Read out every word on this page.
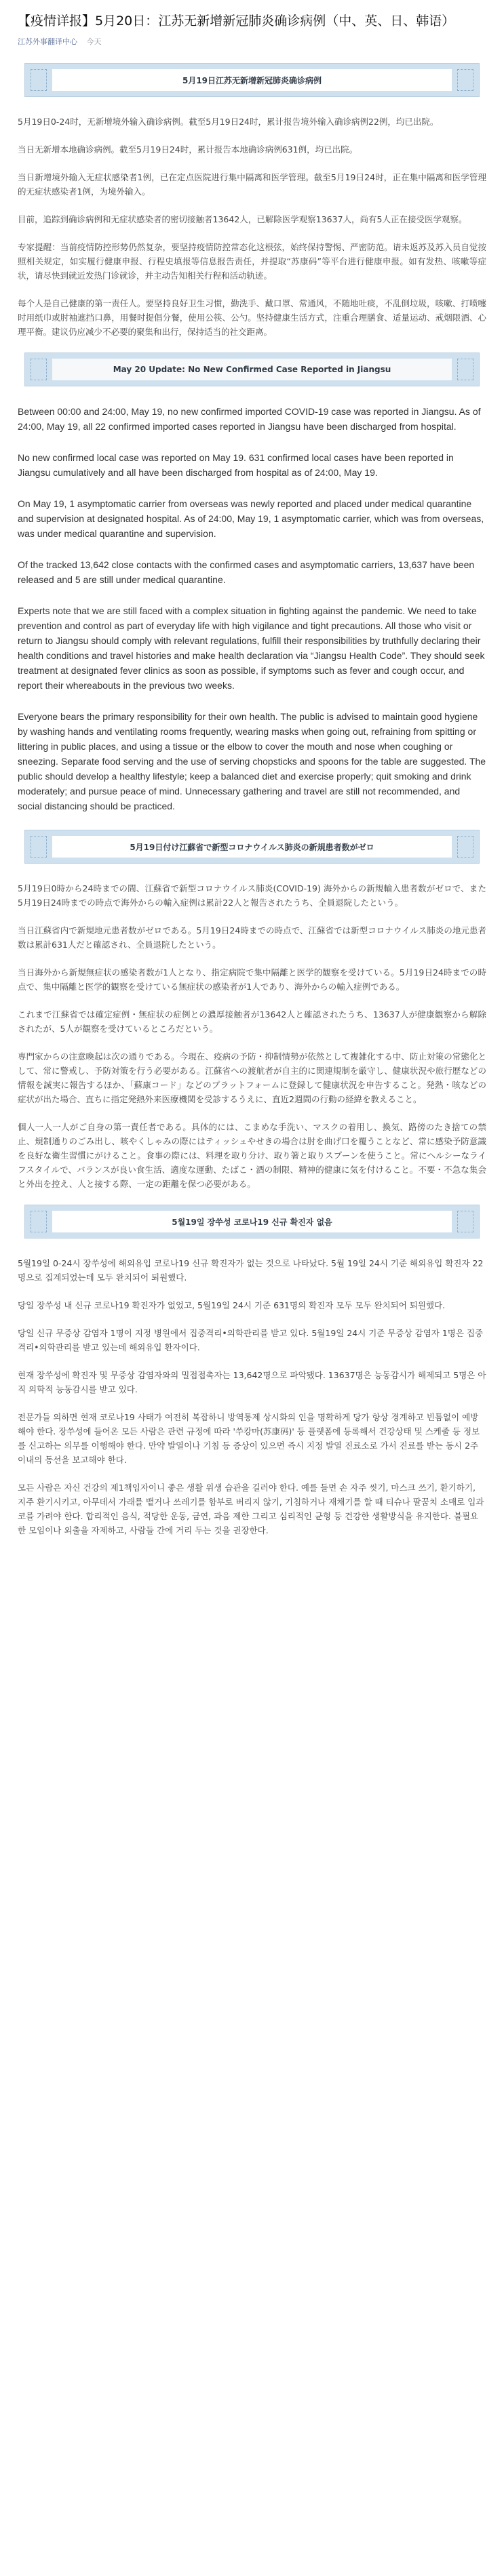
【疫情详报】5月20日：江苏无新增新冠肺炎确诊病例（中、英、日、韩语）
江苏外事翻译中心 今天
5月19日江苏无新增新冠肺炎确诊病例

5月19日0-24时，无新增境外输入确诊病例。截至5月19日24时，累计报告境外输入确诊病例22例，均已出院。

当日无新增本地确诊病例。截至5月19日24时，累计报告本地确诊病例631例，均已出院。

当日新增境外输入无症状感染者1例，已在定点医院进行集中隔离和医学管理。截至5月19日24时，正在集中隔离和医学管理的无症状感染者1例，为境外输入。

目前，追踪到确诊病例和无症状感染者的密切接触者13642人，已解除医学观察13637人，尚有5人正在接受医学观察。

专家提醒：当前疫情防控形势仍然复杂，要坚持疫情防控常态化这根弦，始终保持警惕、严密防范。请未返苏及苏入员自觉按照相关规定，如实履行健康申报、行程史填报等信息报告责任，并提取“苏康码”等平台进行健康申报。如有发热、咳嗽等症状，请尽快到就近发热门诊就诊，并主动告知相关行程和活动轨迹。

每个人是自己健康的第一责任人。要坚持良好卫生习惯，勤洗手、戴口罩、常通风，不随地吐痰，不乱倒垃圾，咳嗽、打喷嚏时用纸巾或肘袖遮挡口鼻，用餐时提倡分餐，使用公筷、公勺。坚持健康生活方式，注重合理膳食、适量运动、戒烟限酒、心理平衡。建议仍应减少不必要的聚集和出行，保持适当的社交距离。

May 20 Update: No New Confirmed Case Reported in Jiangsu

Between 00:00 and 24:00, May 19, no new confirmed imported COVID-19 case was reported in Jiangsu. As of 24:00, May 19, all 22 confirmed imported cases reported in Jiangsu have been discharged from hospital.

No new confirmed local case was reported on May 19. 631 confirmed local cases have been reported in Jiangsu cumulatively and all have been discharged from hospital as of 24:00, May 19.

On May 19, 1 asymptomatic carrier from overseas was newly reported and placed under medical quarantine and supervision at designated hospital. As of 24:00, May 19, 1 asymptomatic carrier, which was from overseas, was under medical quarantine and supervision.

Of the tracked 13,642 close contacts with the confirmed cases and asymptomatic carriers, 13,637 have been released and 5 are still under medical quarantine.

Experts note that we are still faced with a complex situation in fighting against the pandemic. We need to take prevention and control as part of everyday life with high vigilance and tight precautions. All those who visit or return to Jiangsu should comply with relevant regulations, fulfill their responsibilities by truthfully declaring their health conditions and travel histories and make health declaration via “Jiangsu Health Code”. They should seek treatment at designated fever clinics as soon as possible, if symptoms such as fever and cough occur, and report their whereabouts in the previous two weeks.

Everyone bears the primary responsibility for their own health. The public is advised to maintain good hygiene by washing hands and ventilating rooms frequently, wearing masks when going out, refraining from spitting or littering in public places, and using a tissue or the elbow to cover the mouth and nose when coughing or sneezing. Separate food serving and the use of serving chopsticks and spoons for the table are suggested. The public should develop a healthy lifestyle; keep a balanced diet and exercise properly; quit smoking and drink moderately; and pursue peace of mind. Unnecessary gathering and travel are still not recommended, and social distancing should be practiced.

5月19日付け江蘇省で新型コロナウイルス肺炎の新規患者数がゼロ

5月19日0時から24時までの間、江蘇省で新型コロナウイルス肺炎(COVID-19) 海外からの新規輸入患者数がゼロで、また5月19日24時までの時点で海外からの輸入症例は累計22人と報告されたうち、全員退院したという。

当日江蘇省内で新規地元患者数がゼロである。5月19日24時までの時点で、江蘇省では新型コロナウイルス肺炎の地元患者数は累計631人だと確認され、全員退院したという。

当日海外から新規無症状の感染者数が1人となり、指定病院で集中隔離と医学的観察を受けている。5月19日24時までの時点で、集中隔離と医学的観察を受けている無症状の感染者が1人であり、海外からの輸入症例である。

これまで江蘇省では確定症例・無症状の症例との濃厚接触者が13642人と確認されたうち、13637人が健康観察から解除されたが、5人が観察を受けているところだという。

専門家からの注意喚起は次の通りである。今現在、疫病の予防・抑制情勢が依然として複雑化する中、防止対策の常態化として、常に警戒し、予防対策を行う必要がある。江蘇省への渡航者が自主的に関連規制を厳守し、健康状況や旅行歴などの情報を誠実に報告するほか、「蘇康コード」などのプラットフォームに登録して健康状況を申告すること。発熱・咳などの症状が出た場合、直ちに指定発熱外来医療機関を受診するうえに、直近2週間の行動の経緯を教えること。

個人一人一人がご自身の第一責任者である。具体的には、こまめな手洗い、マスクの着用し、換気、路傍のたき捨ての禁止、規制通りのごみ出し、咳やくしゃみの際にはティッシュやせきの場合は肘を曲げ口を覆うことなど、常に感染予防意識を良好な衛生習慣にがけること。食事の際には、料理を取り分け、取り箸と取りスプーンを使うこと。常にヘルシーなライフスタイルで、バランスが良い食生活、適度な運動、たばこ・酒の制限、精神的健康に気を付けること。不要・不急な集会と外出を控え、人と接する際、一定の距離を保つ必要がある。

5월19일 장쑤성 코로나19 신규 확진자 없음

5월19일 0-24시 장쑤성에 해외유입 코로나19 신규 확진자가 없는 것으로 나타났다. 5월 19일 24시 기준 해외유입 확진자 22명으로 집계되었는데 모두 완치되어 퇴원했다.

당일 장쑤성 내 신규 코로나19 확진자가 없었고, 5월19일 24시 기준 631명의 확진자 모두 모두 완치되어 퇴원했다.

당일 신규 무증상 감염자 1명이 지정 병원에서 집중격리•의학관리를 받고 있다. 5월19일 24시 기준 무증상 감염자 1명은 집중격리•의학관리를 받고 있는데 해외유입 환자이다.

현재 장쑤성에 확진자 및 무증상 감염자와의 밀접접촉자는 13,642명으로 파악됐다. 13637명은 능동감시가 해제되고 5명은 아직 의학적 능동감시를 받고 있다.

전문가들 의하면 현재 코로나19 사태가 여전히 복잡하니 방역통제 상시화의 인을 명확하게 당가 항상 경계하고 빈틈없이 예방해야 한다. 장쑤성에 들어온 모든 사람은 관련 규정에 따라 '쑤캉마(苏康码)' 등 플랫폼에 등록해서 건강상태 및 스케줄 등 정보를 신고하는 의무를 이행해야 한다. 만약 발열이나 기침 등 증상이 있으면 즉시 지정 발열 진료소로 가서 진료를 받는 동시 2주 이내의 동선을 보고해야 한다.

모든 사람은 자신 건강의 제1책임자이니 좋은 생활 위생 습관을 길러야 한다. 예를 들면 손 자주 씻기, 마스크 쓰기, 환기하기, 지주 환기시키고, 아무데서 가래를 뱉거나 쓰레기를 함부로 버리지 않기, 기침하거나 재채기를 할 때 티슈나 팔꿈치 소매로 입과 코를 가려야 한다. 합리적인 음식, 적당한 운동, 금연, 과음 제한 그리고 심리적인 균형 등 건강한 생활방식을 유지한다. 불필요한 모임이나 외출을 자제하고, 사람들 간에 거리 두는 것을 권장한다.
